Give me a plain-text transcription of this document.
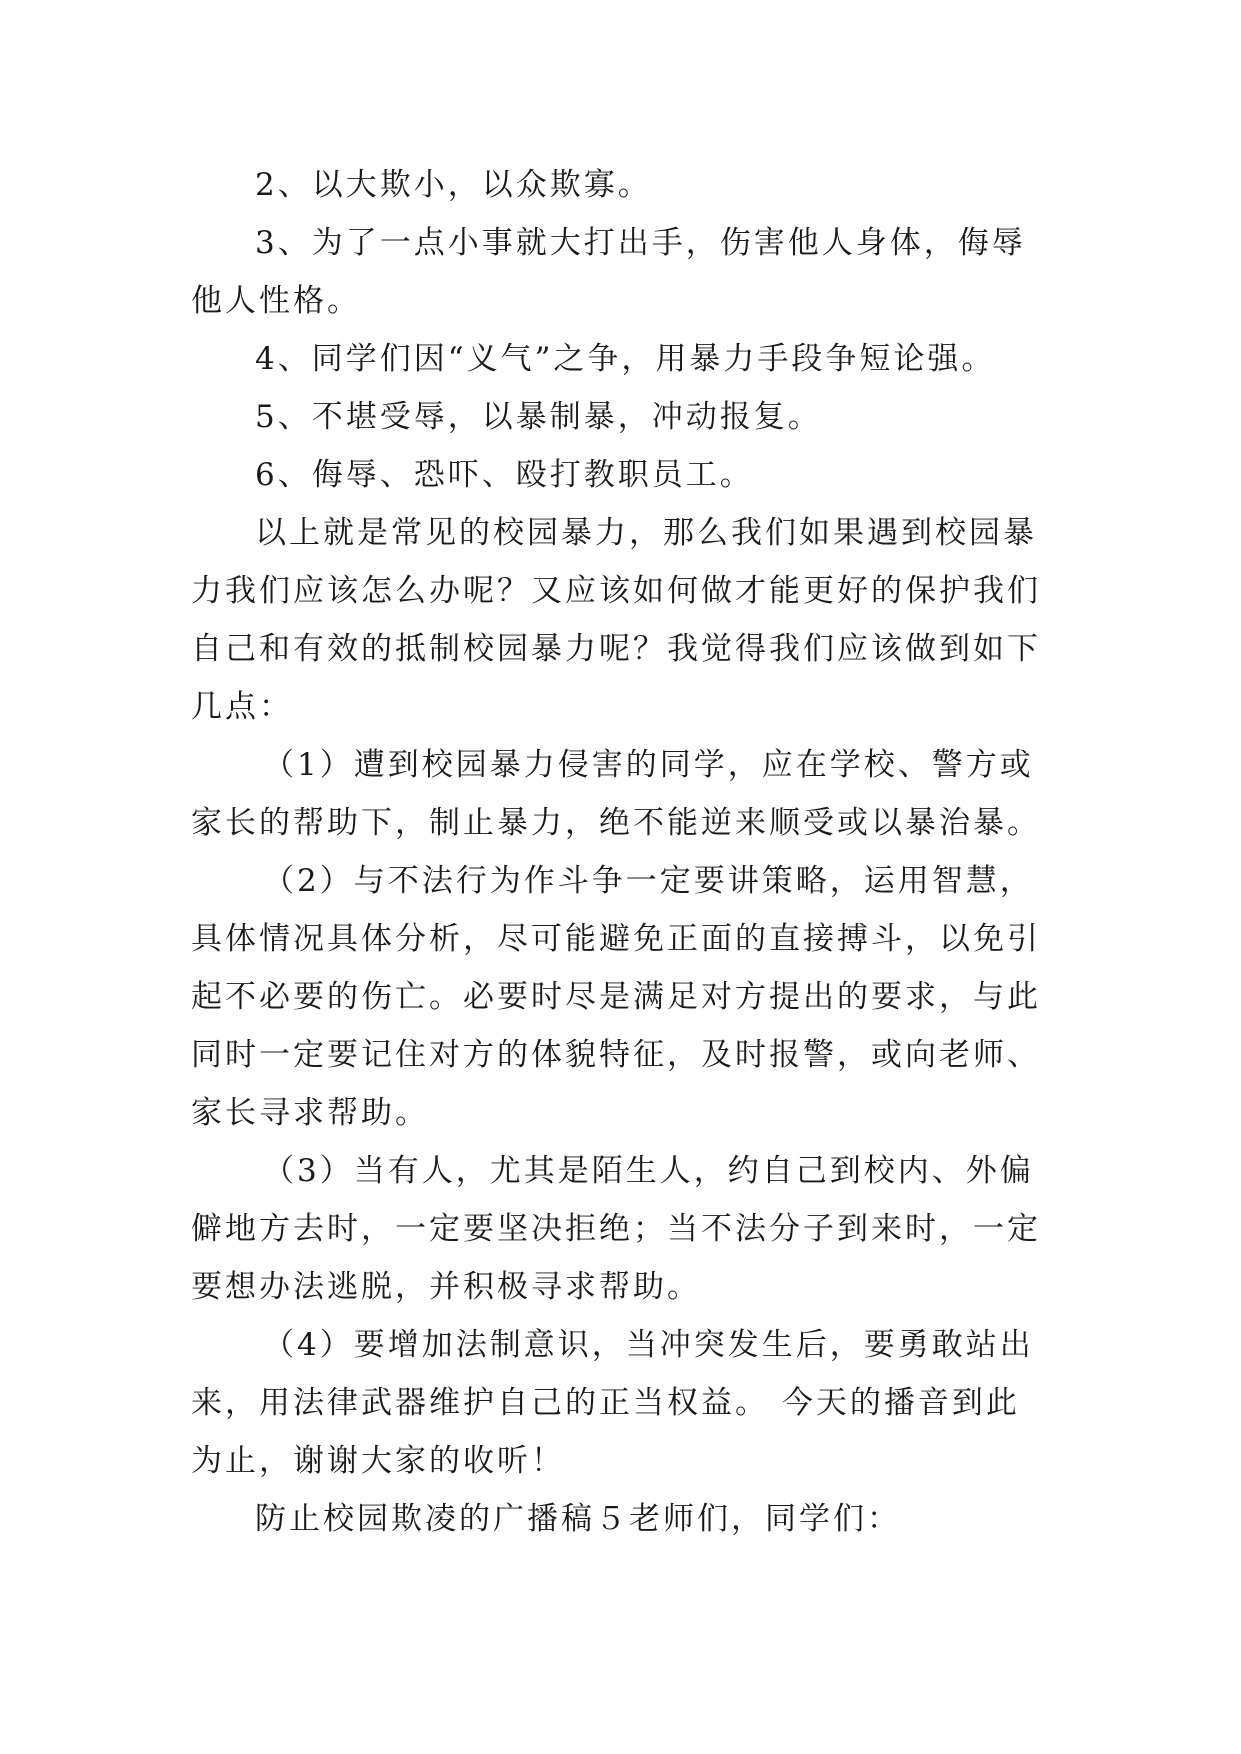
2、以大欺小，以众欺寡。

3、为了一点小事就大打出手，伤害他人身体，侮辱他人性格。

4、同学们因“义气”之争，用暴力手段争短论强。

5、不堪受辱，以暴制暴，冲动报复。

6、侮辱、恐吓、殴打教职员工。

以上就是常见的校园暴力，那么我们如果遇到校园暴力我们应该怎么办呢？又应该如何做才能更好的保护我们自己和有效的抵制校园暴力呢？我觉得我们应该做到如下几点：

（1）遭到校园暴力侵害的同学，应在学校、警方或家长的帮助下，制止暴力，绝不能逆来顺受或以暴治暴。

（2）与不法行为作斗争一定要讲策略，运用智慧，具体情况具体分析，尽可能避免正面的直接搏斗，以免引起不必要的伤亡。必要时尽是满足对方提出的要求，与此同时一定要记住对方的体貌特征，及时报警，或向老师、家长寻求帮助。

（3）当有人，尤其是陌生人，约自己到校内、外偏僻地方去时，一定要坚决拒绝；当不法分子到来时，一定要想办法逃脱，并积极寻求帮助。

（4）要增加法制意识，当冲突发生后，要勇敢站出来，用法律武器维护自己的正当权益。 今天的播音到此为止，谢谢大家的收听！

防止校园欺凌的广播稿５老师们，同学们：
